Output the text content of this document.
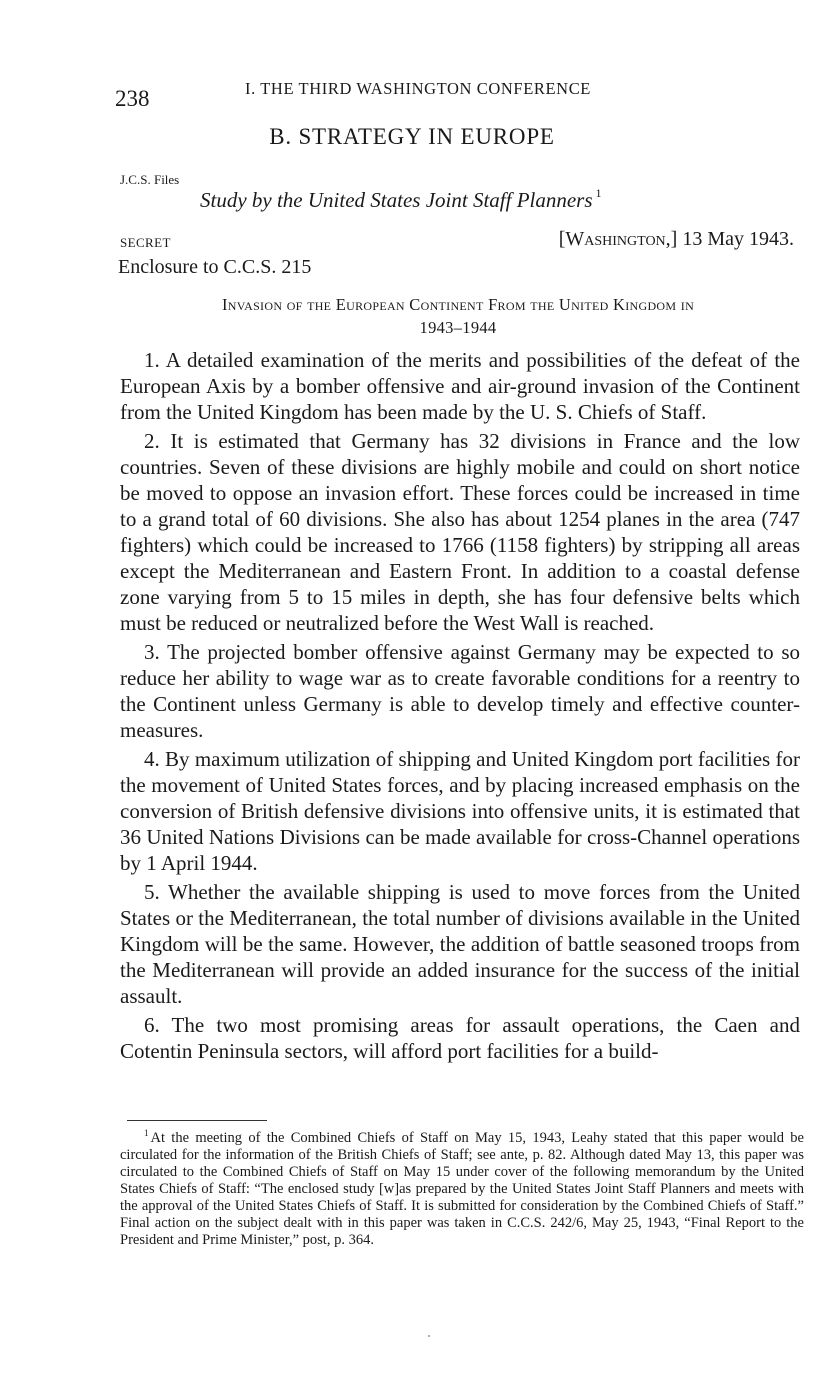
238	I. THE THIRD WASHINGTON CONFERENCE
B. STRATEGY IN EUROPE
J.C.S. Files
Study by the United States Joint Staff Planners $^1$
SECRET	[Washington,] 13 May 1943.
Enclosure to C.C.S. 215
Invasion of the European Continent From the United Kingdom in
1943–1944

1. A detailed examination of the merits and possibilities of the defeat of the European Axis by a bomber offensive and air-ground invasion of the Continent from the United Kingdom has been made by the U. S. Chiefs of Staff.

2. It is estimated that Germany has 32 divisions in France and the low countries. Seven of these divisions are highly mobile and could on short notice be moved to oppose an invasion effort. These forces could be increased in time to a grand total of 60 divisions. She also has about 1254 planes in the area (747 fighters) which could be increased to 1766 (1158 fighters) by stripping all areas except the Mediterranean and Eastern Front. In addition to a coastal defense zone varying from 5 to 15 miles in depth, she has four defensive belts which must be reduced or neutralized before the West Wall is reached.

3. The projected bomber offensive against Germany may be expected to so reduce her ability to wage war as to create favorable conditions for a reentry to the Continent unless Germany is able to develop timely and effective counter-measures.

4. By maximum utilization of shipping and United Kingdom port facilities for the movement of United States forces, and by placing increased emphasis on the conversion of British defensive divisions into offensive units, it is estimated that 36 United Nations Divisions can be made available for cross-Channel operations by 1 April 1944.

5. Whether the available shipping is used to move forces from the United States or the Mediterranean, the total number of divisions available in the United Kingdom will be the same. However, the addition of battle seasoned troops from the Mediterranean will provide an added insurance for the success of the initial assault.

6. The two most promising areas for assault operations, the Caen and Cotentin Peninsula sectors, will afford port facilities for a build-

$^1$ At the meeting of the Combined Chiefs of Staff on May 15, 1943, Leahy stated that this paper would be circulated for the information of the British Chiefs of Staff; see ante, p. 82. Although dated May 13, this paper was circulated to the Combined Chiefs of Staff on May 15 under cover of the following memorandum by the United States Chiefs of Staff: “The enclosed study [w]as prepared by the United States Joint Staff Planners and meets with the approval of the United States Chiefs of Staff. It is submitted for consideration by the Combined Chiefs of Staff.” Final action on the subject dealt with in this paper was taken in C.C.S. 242/6, May 25, 1943, “Final Report to the President and Prime Minister,” post, p. 364.
